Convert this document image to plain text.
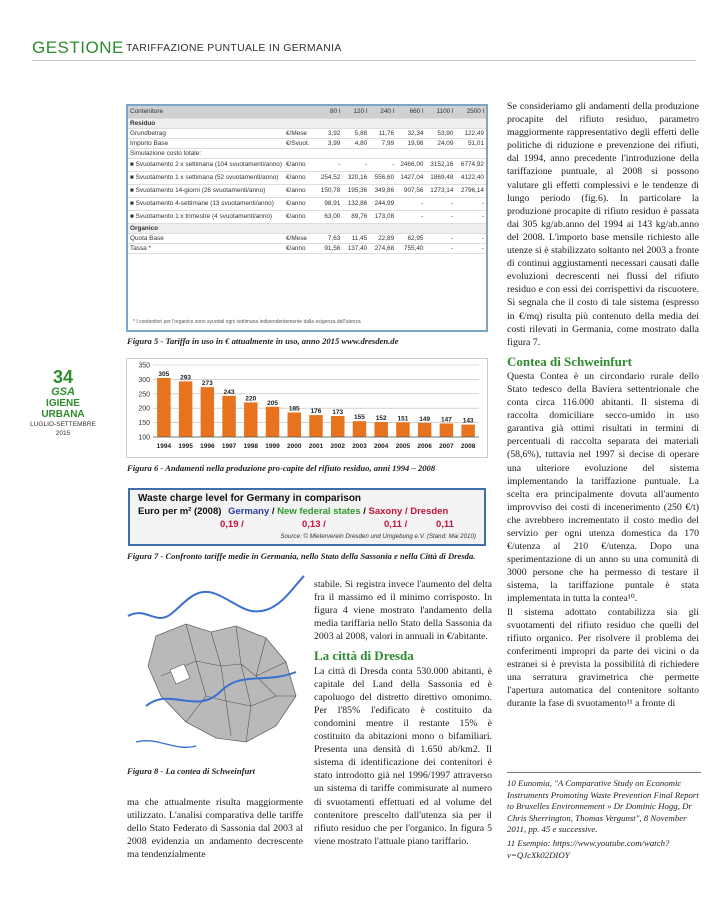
GESTIONE TARIFFAZIONE PUNTUALE IN GERMANIA
34
GSA
IGIENE URBANA
LUGLIO-SETTEMBRE 2015
Contenitore		80 l	120 l	240 l	660 l	1100 l	2500 l
Residuo							
Grundbetrag	€/Mese	3,92	5,88	11,76	32,34	53,90	122,49
Importo Base	€/Svuot.	3,99	4,80	7,99	19,98	24,09	51,01
Simulazione costo totale:							
■ Svuotamento 2 x settimana (104 svuotamenti/anno)	€/anno	-	-	-	2466,00	3152,16	6774,92
■ Svuotamento 1 x settimana (52 svuotamenti/anno)	€/anno	254,52	320,16	556,60	1427,04	1869,48	4122,40
■ Svuotamento 14-giorni (26 svuotamenti/anno)	€/anno	150,78	195,36	349,86	907,56	1273,14	2796,14
■ Svuotamento 4-settimane (13 svuotamenti/anno)	€/anno	98,91	132,86	244,99	-	-	-
■ Svuotamento 1 x trimestre (4 svuotamenti/anno)	€/anno	63,00	89,76	173,08	-	-	-
Organico							
Quota Base	€/Mese	7,63	11,45	22,89	62,95	-	-
Tassa *	€/anno	91,56	137,40	274,68	755,40	-	-
* I contenitori per l'organico sono svuotati ogni settimana indipendentemente dalla esigenza dell'utenza
Figura 5 - Tariffa in uso in € attualmente in uso, anno 2015 www.dresden.de
100
150
200
250
300
350
305
1994
293
1995
273
1996
243
1997
220
1998
205
1999
185
2000
176
2001
173
2002
155
2003
152
2004
151
2005
149
2006
147
2007
143
2008
Figura 6 - Andamenti nella produzione pro-capite del rifiuto residuo, anni 1994 – 2008
Waste charge level for Germany in comparison
Euro per m² (2008) Germany / New federal states / Saxony / Dresden
0,19 /	0,13 /	0,11 /	0,11
Source: © Mieterverein Dresden und Umgebung e.V. (Stand: Mai 2010)
Figura 7 - Confronto tariffe medie in Germania, nello Stato della Sassonia e nella Città di Dresda.
Figura 8 - La contea di Schweinfurt

ma che attualmente risulta maggiormente utilizzato. L'analisi comparativa delle tariffe dello Stato Federato di Sassonia dal 2003 al 2008 evidenzia un andamento decrescente ma tendenzialmente

stabile. Si registra invece l'aumento del delta fra il massimo ed il minimo corrisposto. In figura 4 viene mostrato l'andamento della media tariffaria nello Stato della Sassonia da 2003 al 2008, valori in annuali in €/abitante.

La città di Dresda

La città di Dresda conta 530.000 abitanti, è capitale del Land della Sassonia ed è capoluogo del distretto direttivo omonimo. Per l'85% l'edificato è costituito da condomini mentre il restante 15% è costituito da abitazioni mono o bifamiliari. Presenta una densità di 1.650 ab/km2. Il sistema di identificazione dei contenitori è stato introdotto già nel 1996/1997 attraverso un sistema di tariffe commisurate al numero di svuotamenti effettuati ed al volume del contenitore prescelto dall'utenza sia per il rifiuto residuo che per l'organico. In figura 5 viene mostrato l'attuale piano tariffario.

Se consideriamo gli andamenti della produzione procapite del rifiuto residuo, parametro maggiormente rappresentativo degli effetti delle politiche di riduzione e prevenzione dei rifiuti, dal 1994, anno precedente l'introduzione della tariffazione puntuale, al 2008 si possono valutare gli effetti complessivi e le tendenze di lungo periodo (fig.6). In particolare la produzione procapite di rifiuto residuo è passata dai 305 kg/ab.anno del 1994 ai 143 kg/ab.anno del 2008. L'importo base mensile richiesto alle utenze si è stabilizzato soltanto nel 2003 a fronte di continui aggiustamenti necessari causati dalle evoluzioni decrescenti nei flussi del rifiuto residuo e con essi dei corrispettivi da riscuotere. Si segnala che il costo di tale sistema (espresso in €/mq) risulta più contenuto della media dei costi rilevati in Germania, come mostrato dalla figura 7.

Contea di Schweinfurt

Questa Contea è un circondario rurale dello Stato tedesco della Baviera settentrionale che conta circa 116.000 abitanti. Il sistema di raccolta domiciliare secco-umido in uso garantiva già ottimi risultati in termini di percentuali di raccolta separata dei materiali (58,6%), tuttavia nel 1997 si decise di operare una ulteriore evoluzione del sistema implementando la tariffazione puntuale. La scelta era principalmente dovuta all'aumento improvviso dei costi di incenerimento (250 €/t) che avrebbero incrementato il costo medio del servizio per ogni utenza domestica da 170 €/utenza al 210 €/utenza. Dopo una sperimentazione di un anno su una comunità di 3000 persone che ha permesso di testare il sistema, la tariffazione puntale è stata implementata in tutta la contea¹⁰.

Il sistema adottato contabilizza sia gli svuotamenti del rifiuto residuo che quelli del rifiuto organico. Per risolvere il problema dei conferimenti impropri da parte dei vicini o da estranei si è prevista la possibilità di richiedere una serratura gravimetrica che permette l'apertura automatica del contenitore soltanto durante la fase di svuotamento¹¹ a fronte di

10 Eunomia, "A Comparative Study on Economic Instruments Promoting Waste Prevention Final Report to Bruxelles Environnement » Dr Dominic Hogg, Dr Chris Sherrington, Thomas Vergunst", 8 November 2011, pp. 45 e successive.
11 Esempio: https://www.youtube.com/watch?v=QJcXk02DIOY
